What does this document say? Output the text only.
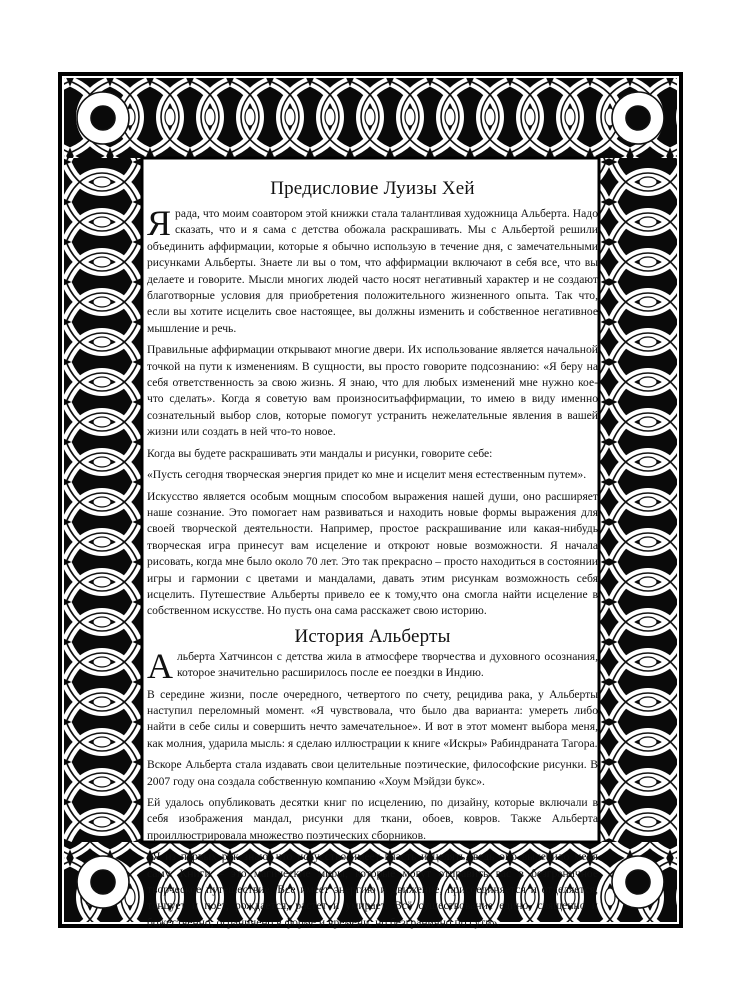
Предисловие Луизы Хей

Ярада, что моим соавтором этой книжки стала талантливая художница Альберта. Надо сказать, что и я сама с детства обожала раскрашивать. Мы с Альбертой решили объединить аффирмации, которые я обычно использую в течение дня, с замечательными рисунками Альберты. Знаете ли вы о том, что аффирмации включают в себя все, что вы делаете и говорите. Мысли многих людей часто носят негативный характер и не создают благотворные условия для приобретения положительного жизненного опыта. Так что, если вы хотите исцелить свое настоящее, вы должны изменить и собственное негативное мышление и речь.

Правильные аффирмации открывают многие двери. Их использование является начальной точкой на пути к изменениям. В сущности, вы просто говорите подсознанию: «Я беру на себя ответственность за свою жизнь. Я знаю, что для любых изменений мне нужно кое-что сделать». Когда я советую вам произноситьаффирмации, то имею в виду именно сознательный выбор слов, которые помогут устранить нежелательные явления в вашей жизни или создать в ней что-то новое.

Когда вы будете раскрашивать эти мандалы и рисунки, говорите себе:

«Пусть сегодня творческая энергия придет ко мне и исцелит меня естественным путем».

Искусство является особым мощным способом выражения нашей души, оно расширяет наше сознание. Это помогает нам развиваться и находить новые формы выражения для своей творческой деятельности. Например, простое раскрашивание или какая-нибудь творческая игра принесут вам исцеление и откроют новые возможности. Я начала рисовать, когда мне было около 70 лет. Это так прекрасно – просто находиться в состоянии игры и гармонии с цветами и мандалами, давать этим рисункам возможность себя исцелить. Путешествие Альберты привело ее к тому,что она смогла найти исцеление в собственном искусстве. Но пусть она сама расскажет свою историю.

История Альберты

Альберта Хатчинсон с детства жила в атмосфере творчества и духовного осознания, которое значительно расширилось после ее поездки в Индию.

В середине жизни, после очередного, четвертого по счету, рецидива рака, у Альберты наступил переломный момент. «Я чувствовала, что было два варианта: умереть либо найти в себе силы и совершить нечто замечательное». И вот в этот момент выбора меня, как молния, ударила мысль: я сделаю иллюстрации к книге «Искры» Рабиндраната Тагора.

Вскоре Альберта стала издавать свои целительные поэтические, философские рисунки. В 2007 году она создала собственную компанию «Хоум Мэйдзи букс».

Ей удалось опубликовать десятки книг по исцелению, по дизайну, которые включали в себя изображения мандал, рисунки для ткани, обоев, ковров. Также Альберта проиллюстрировала множество поэтических сборников.

«Я из первых рук знаю, что искусство имеет власть исцелять, ведь оно вылечило меня саму. Книги – это магические миры, которые могут отправить вас в безграничное творческое путешествие. Все имеет энергию и движение, присоединяется и отделяется, танцует и поет, рождается, растет и умирает. Всё существование едино, священно и божественно, ограничено в форме и времени, но безгранично по сути».
